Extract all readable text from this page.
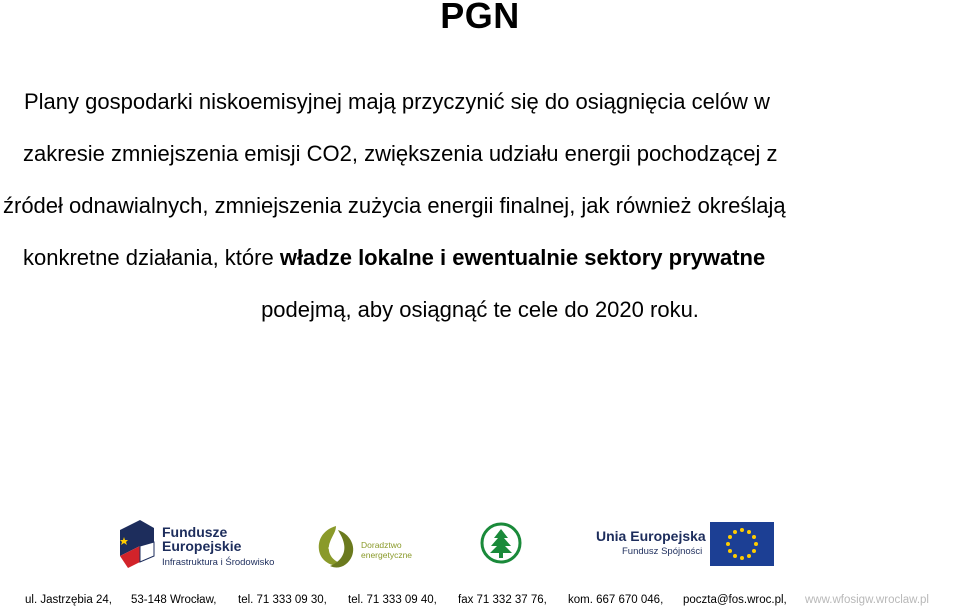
PGN
Plany gospodarki niskoemisyjnej mają przyczynić się do osiągnięcia celów w
zakresie zmniejszenia emisji CO2, zwiększenia udziału energii pochodzącej z
źródeł odnawialnych, zmniejszenia zużycia energii finalnej, jak również określają
konkretne działania, które władze lokalne i ewentualnie sektory prywatne
podejmą, aby osiągnąć te cele do 2020 roku.
Fundusze
Europejskie
Infrastruktura i Środowisko
Doradztwo
energetyczne
Unia Europejska
Fundusz Spójności
ul. Jastrzębia 24, 53-148 Wrocław, tel. 71 333 09 30, tel. 71 333 09 40, fax 71 332 37 76, kom. 667 670 046, poczta@fos.wroc.pl, www.wfosigw.wroclaw.pl
